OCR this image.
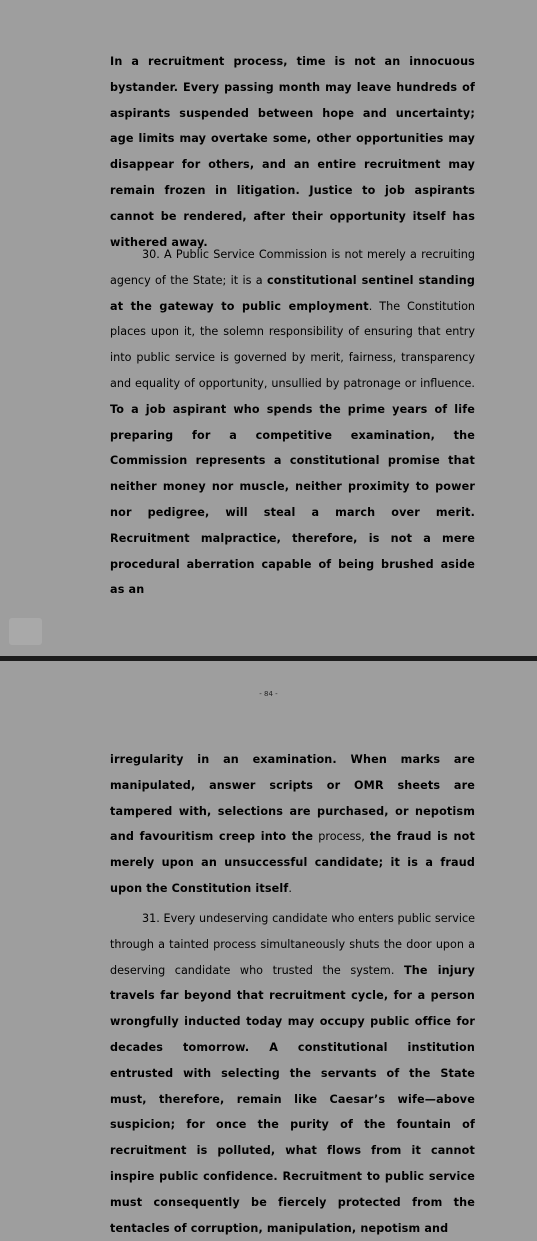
In a recruitment process, time is not an innocuous bystander. Every passing month may leave hundreds of aspirants suspended between hope and uncertainty; age limits may overtake some, other opportunities may disappear for others, and an entire recruitment may remain frozen in litigation. Justice to job aspirants cannot be rendered, after their opportunity itself has withered away.

30. A Public Service Commission is not merely a recruiting agency of the State; it is a constitutional sentinel standing at the gateway to public employment. The Constitution places upon it, the solemn responsibility of ensuring that entry into public service is governed by merit, fairness, transparency and equality of opportunity, unsullied by patronage or influence. To a job aspirant who spends the prime years of life preparing for a competitive examination, the Commission represents a constitutional promise that neither money nor muscle, neither proximity to power nor pedigree, will steal a march over merit. Recruitment malpractice, therefore, is not a mere procedural aberration capable of being brushed aside as an

- 84 -

irregularity in an examination. When marks are manipulated, answer scripts or OMR sheets are tampered with, selections are purchased, or nepotism and favouritism creep into the process, the fraud is not merely upon an unsuccessful candidate; it is a fraud upon the Constitution itself.

31. Every undeserving candidate who enters public service through a tainted process simultaneously shuts the door upon a deserving candidate who trusted the system. The injury travels far beyond that recruitment cycle, for a person wrongfully inducted today may occupy public office for decades tomorrow. A constitutional institution entrusted with selecting the servants of the State must, therefore, remain like Caesar’s wife—above suspicion; for once the purity of the fountain of recruitment is polluted, what flows from it cannot inspire public confidence. Recruitment to public service must consequently be fiercely protected from the tentacles of corruption, manipulation, nepotism and
